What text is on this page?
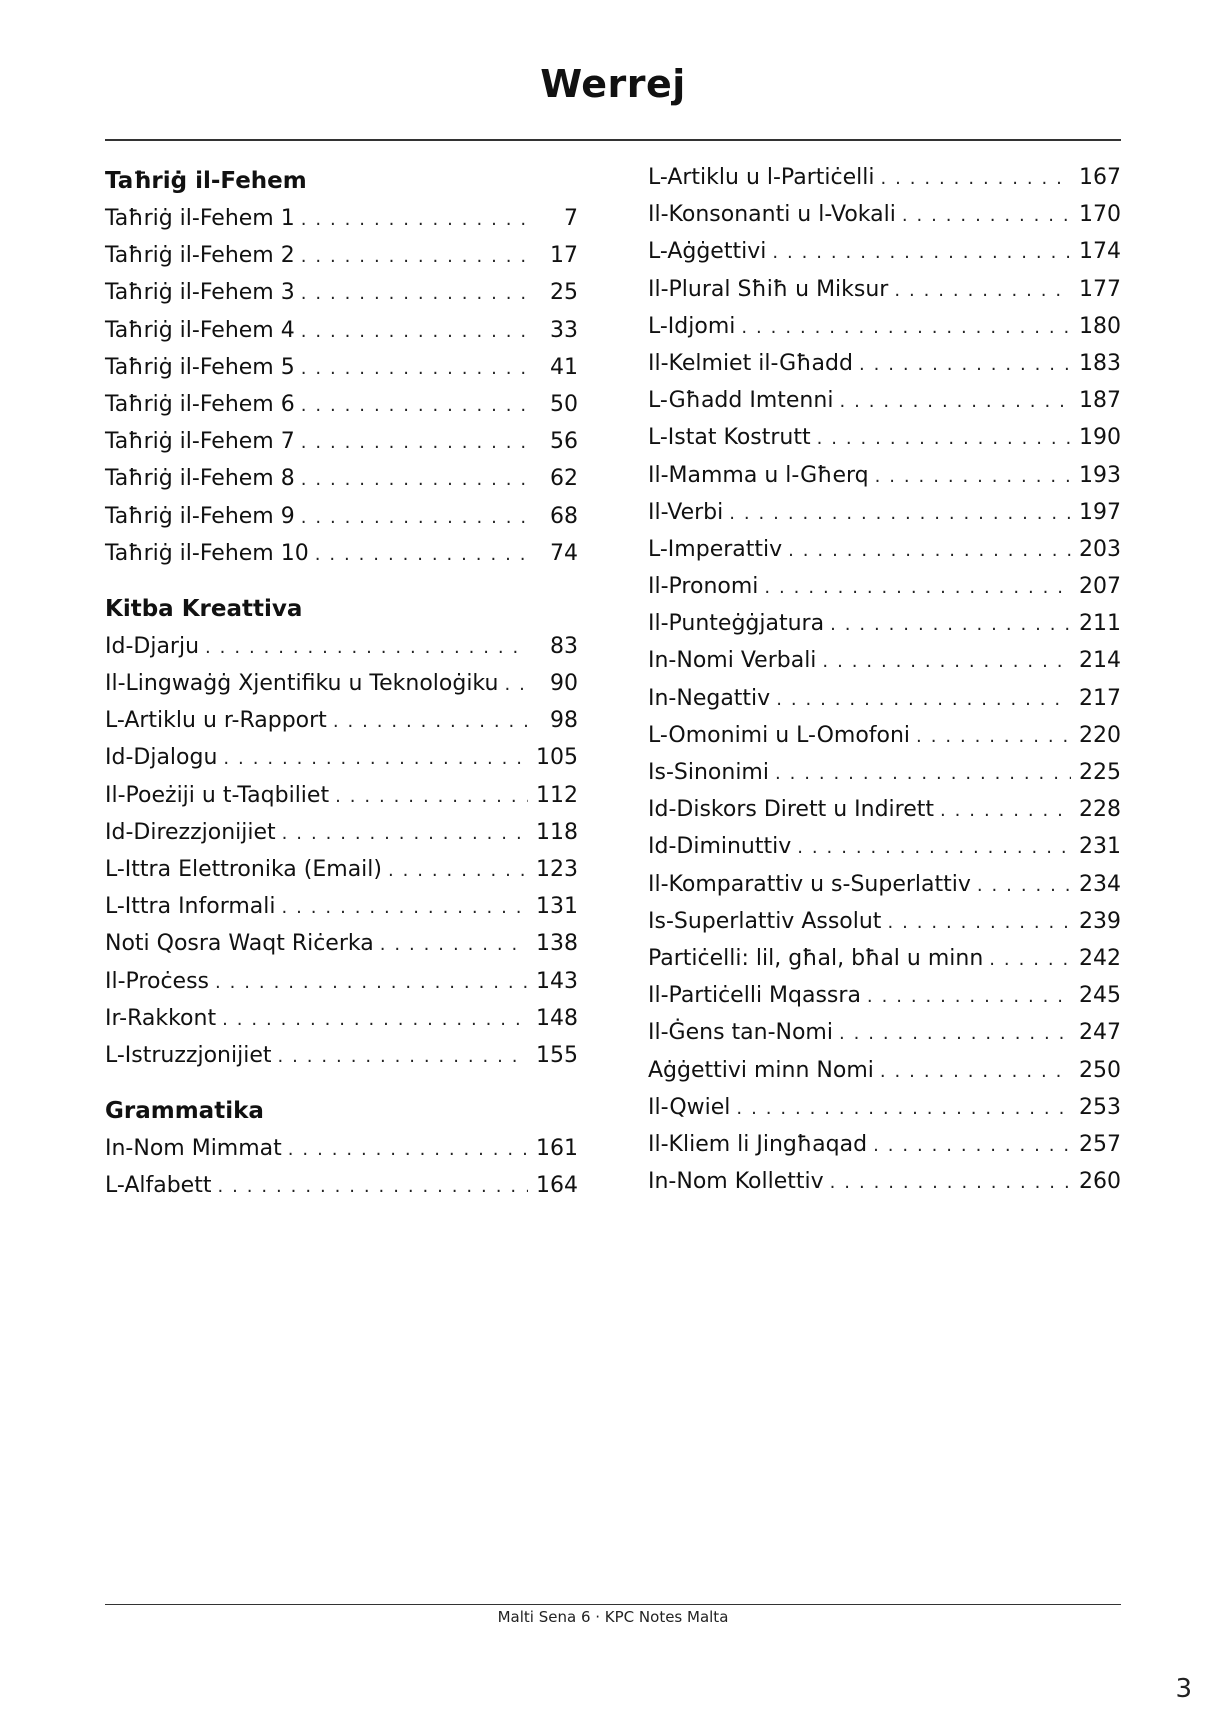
Werrej
Taħriġ il-Fehem
Taħriġ il-Fehem 1 . . .	7
Taħriġ il-Fehem 2 . . .	17
Taħriġ il-Fehem 3 . . .	25
Taħriġ il-Fehem 4 . . .	33
Taħriġ il-Fehem 5 . . .	41
Taħriġ il-Fehem 6 . . .	50
Taħriġ il-Fehem 7 . . .	56
Taħriġ il-Fehem 8 . . .	62
Taħriġ il-Fehem 9 . . .	68
Taħriġ il-Fehem 10 . . .	74
Kitba Kreattiva
Id-Djarju . . .	83
Il-Lingwaġġ Xjentifiku u Teknoloġiku . . .	90
L-Artiklu u r-Rapport . . .	98
Id-Djalogu . . .	105
Il-Poeżiji u t-Taqbiliet . . .	112
Id-Direzzjonijiet . . .	118
L-Ittra Elettronika (Email) . . .	123
L-Ittra Informali . . .	131
Noti Qosra Waqt Riċerka . . .	138
Il-Proċess . . .	143
Ir-Rakkont . . .	148
L-Istruzzjonijiet . . .	155
Grammatika
In-Nom Mimmat . . .	161
L-Alfabett . . .	164
L-Artiklu u l-Partiċelli . . .	167
Il-Konsonanti u l-Vokali . . .	170
L-Aġġettivi . . .	174
Il-Plural Sħiħ u Miksur . . .	177
L-Idjomi . . .	180
Il-Kelmiet il-Għadd . . .	183
L-Għadd Imtenni . . .	187
L-Istat Kostrutt . . .	190
Il-Mamma u l-Għerq . . .	193
Il-Verbi . . .	197
L-Imperattiv . . .	203
Il-Pronomi . . .	207
Il-Punteġġjatura . . .	211
In-Nomi Verbali . . .	214
In-Negattiv . . .	217
L-Omonimi u L-Omofoni . . .	220
Is-Sinonimi . . .	225
Id-Diskors Dirett u Indirett . . .	228
Id-Diminuttiv . . .	231
Il-Komparattiv u s-Superlattiv . . .	234
Is-Superlattiv Assolut . . .	239
Partiċelli: lil, għal, bħal u minn . . .	242
Il-Partiċelli Mqassra . . .	245
Il-Ġens tan-Nomi . . .	247
Aġġettivi minn Nomi . . .	250
Il-Qwiel . . .	253
Il-Kliem li Jingħaqad . . .	257
In-Nom Kollettiv . . .	260
Malti Sena 6 · KPC Notes Malta
3
